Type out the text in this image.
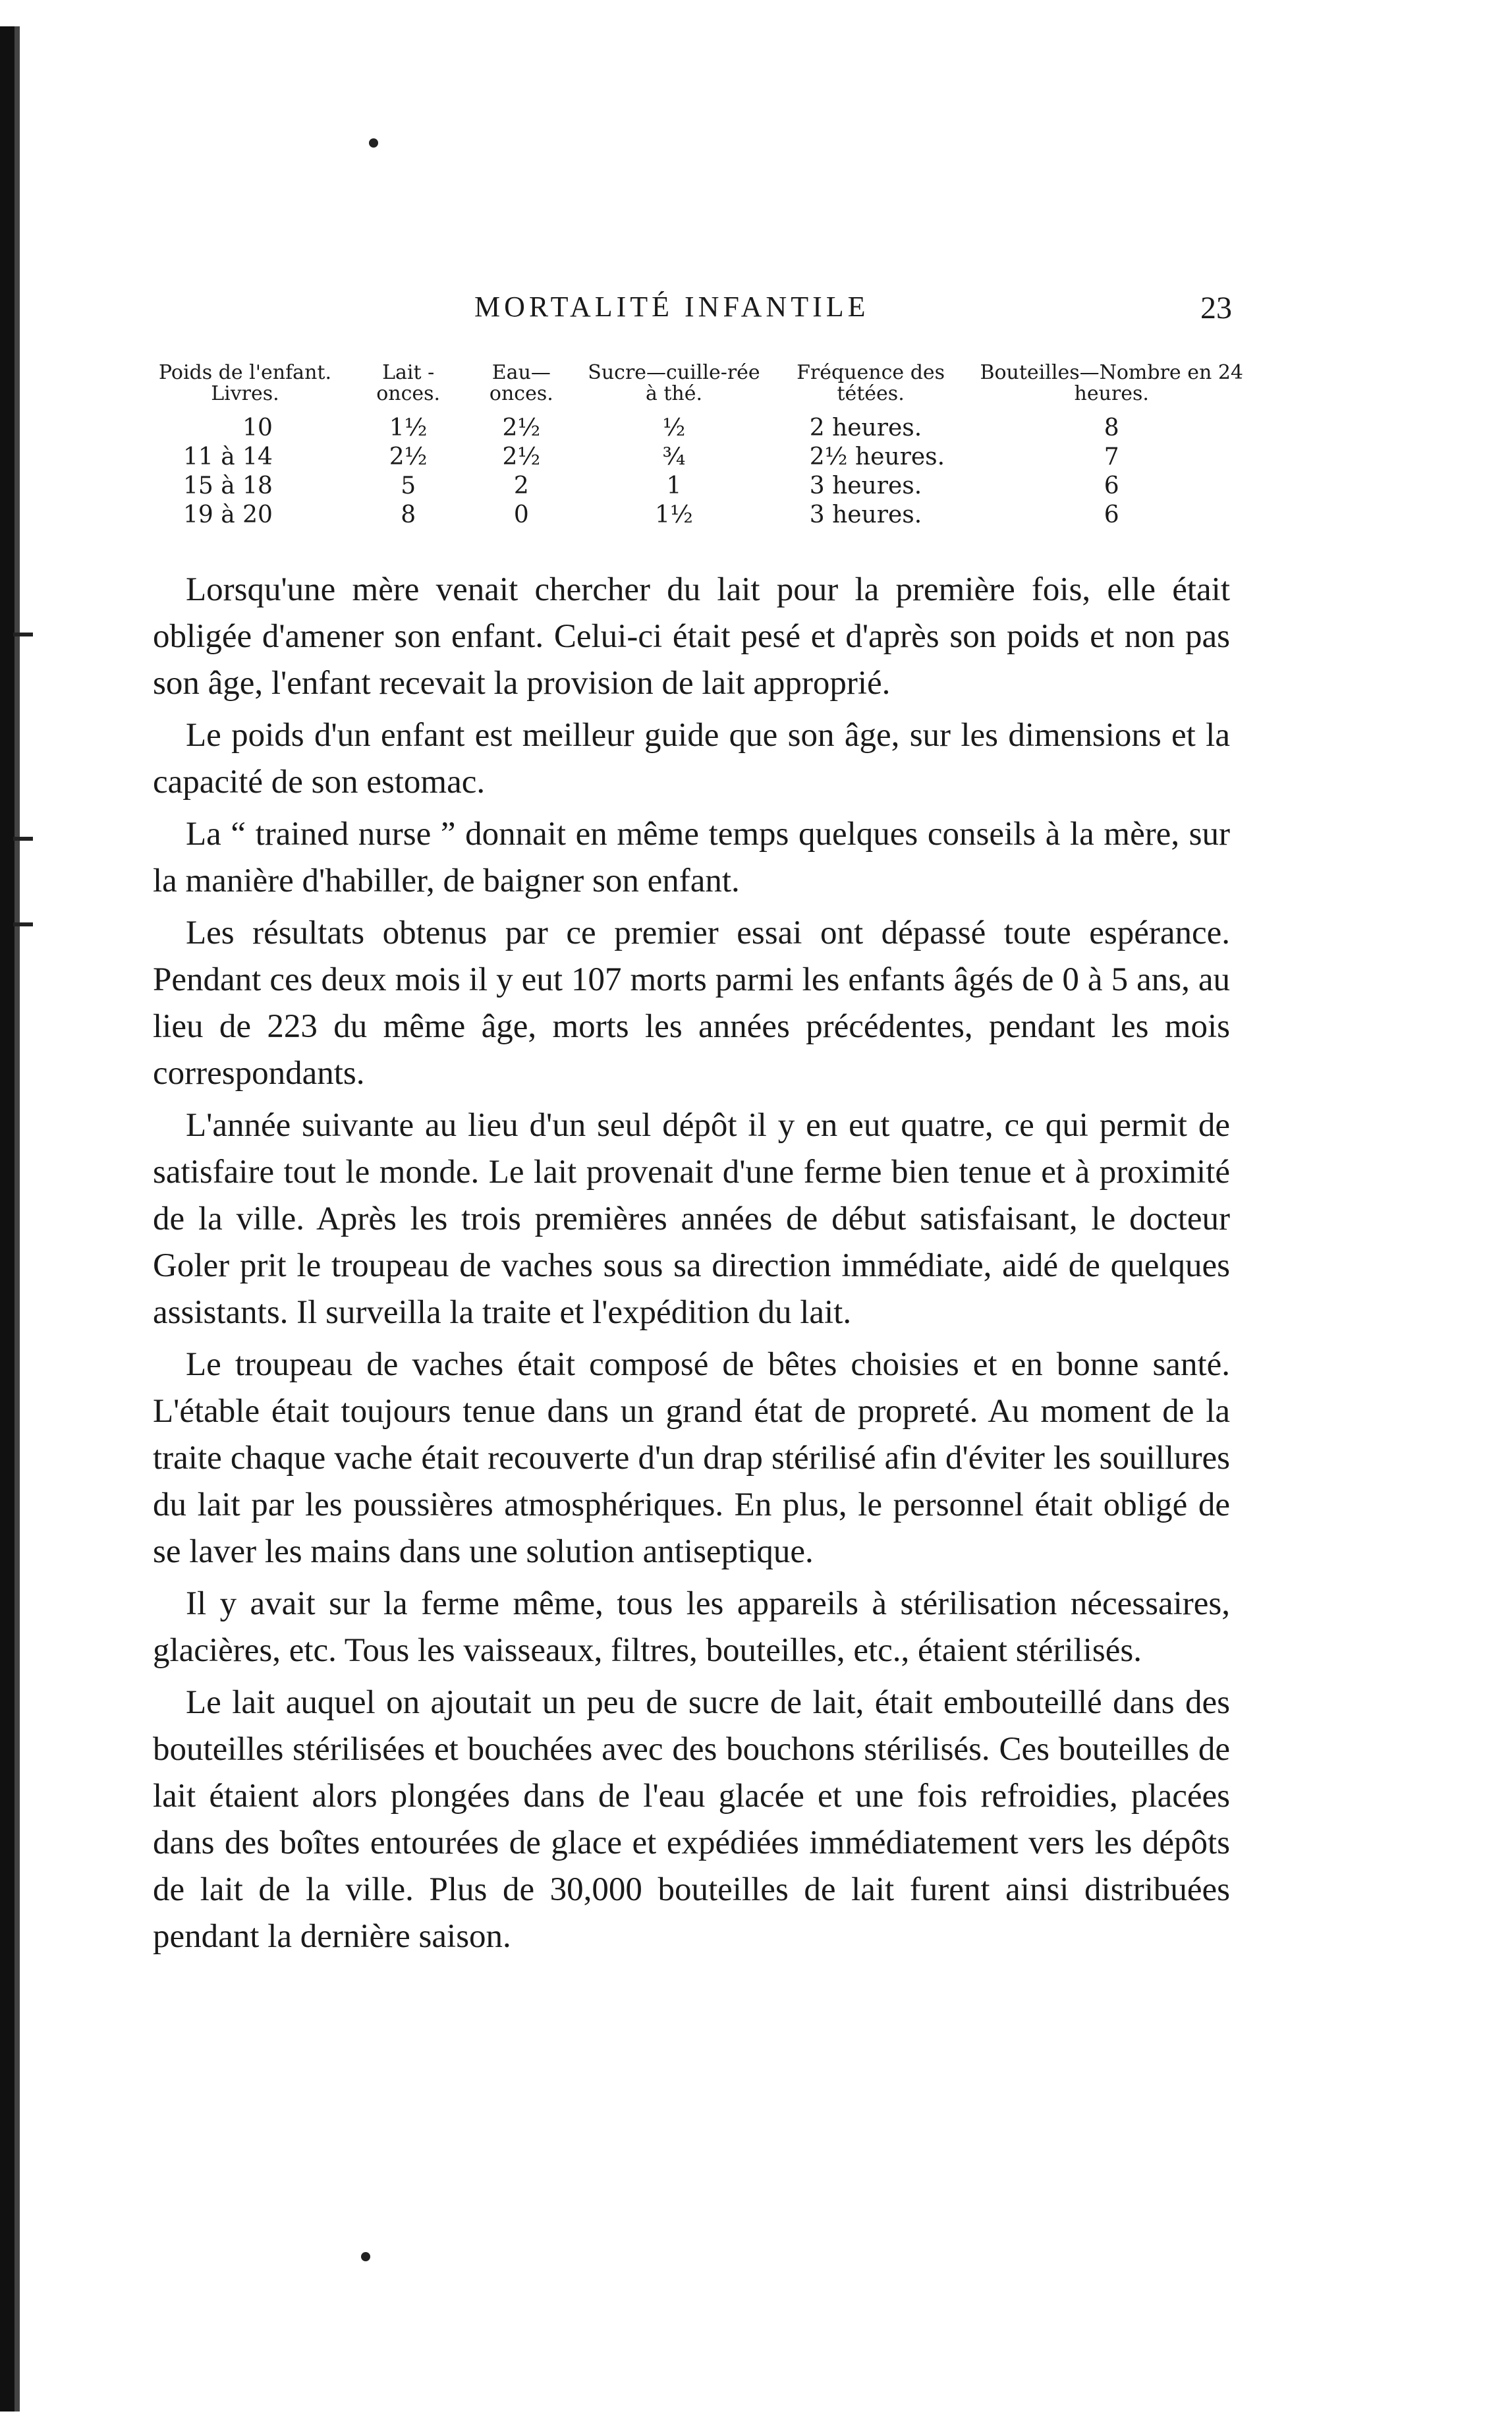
MORTALITÉ INFANTILE	23
Poids de l'enfant. Livres.	Lait - onces.	Eau—onces.	Sucre—cuille-rée à thé.	Fréquence des tétées.	Bouteilles—Nombre en 24 heures.
10	1½	2½	½	2 heures.	8
11 à 14	2½	2½	¾	2½ heures.	7
15 à 18	5	2	1	3 heures.	6
19 à 20	8	0	1½	3 heures.	6

Lorsqu'une mère venait chercher du lait pour la première fois, elle était obligée d'amener son enfant. Celui-ci était pesé et d'après son poids et non pas son âge, l'enfant recevait la provision de lait approprié.

Le poids d'un enfant est meilleur guide que son âge, sur les dimensions et la capacité de son estomac.

La “ trained nurse ” donnait en même temps quelques conseils à la mère, sur la manière d'habiller, de baigner son enfant.

Les résultats obtenus par ce premier essai ont dépassé toute espérance. Pendant ces deux mois il y eut 107 morts parmi les enfants âgés de 0 à 5 ans, au lieu de 223 du même âge, morts les années précédentes, pendant les mois correspondants.

L'année suivante au lieu d'un seul dépôt il y en eut quatre, ce qui permit de satisfaire tout le monde. Le lait provenait d'une ferme bien tenue et à proximité de la ville. Après les trois premières années de début satisfaisant, le docteur Goler prit le troupeau de vaches sous sa direction immédiate, aidé de quelques assistants. Il surveilla la traite et l'expédition du lait.

Le troupeau de vaches était composé de bêtes choisies et en bonne santé. L'étable était toujours tenue dans un grand état de propreté. Au moment de la traite chaque vache était recouverte d'un drap stérilisé afin d'éviter les souillures du lait par les poussières atmosphériques. En plus, le personnel était obligé de se laver les mains dans une solution antiseptique.

Il y avait sur la ferme même, tous les appareils à stérilisation nécessaires, glacières, etc. Tous les vaisseaux, filtres, bouteilles, etc., étaient stérilisés.

Le lait auquel on ajoutait un peu de sucre de lait, était embouteillé dans des bouteilles stérilisées et bouchées avec des bouchons stérilisés. Ces bouteilles de lait étaient alors plongées dans de l'eau glacée et une fois refroidies, placées dans des boîtes entourées de glace et expédiées immédiatement vers les dépôts de lait de la ville. Plus de 30,000 bouteilles de lait furent ainsi distribuées pendant la dernière saison.
